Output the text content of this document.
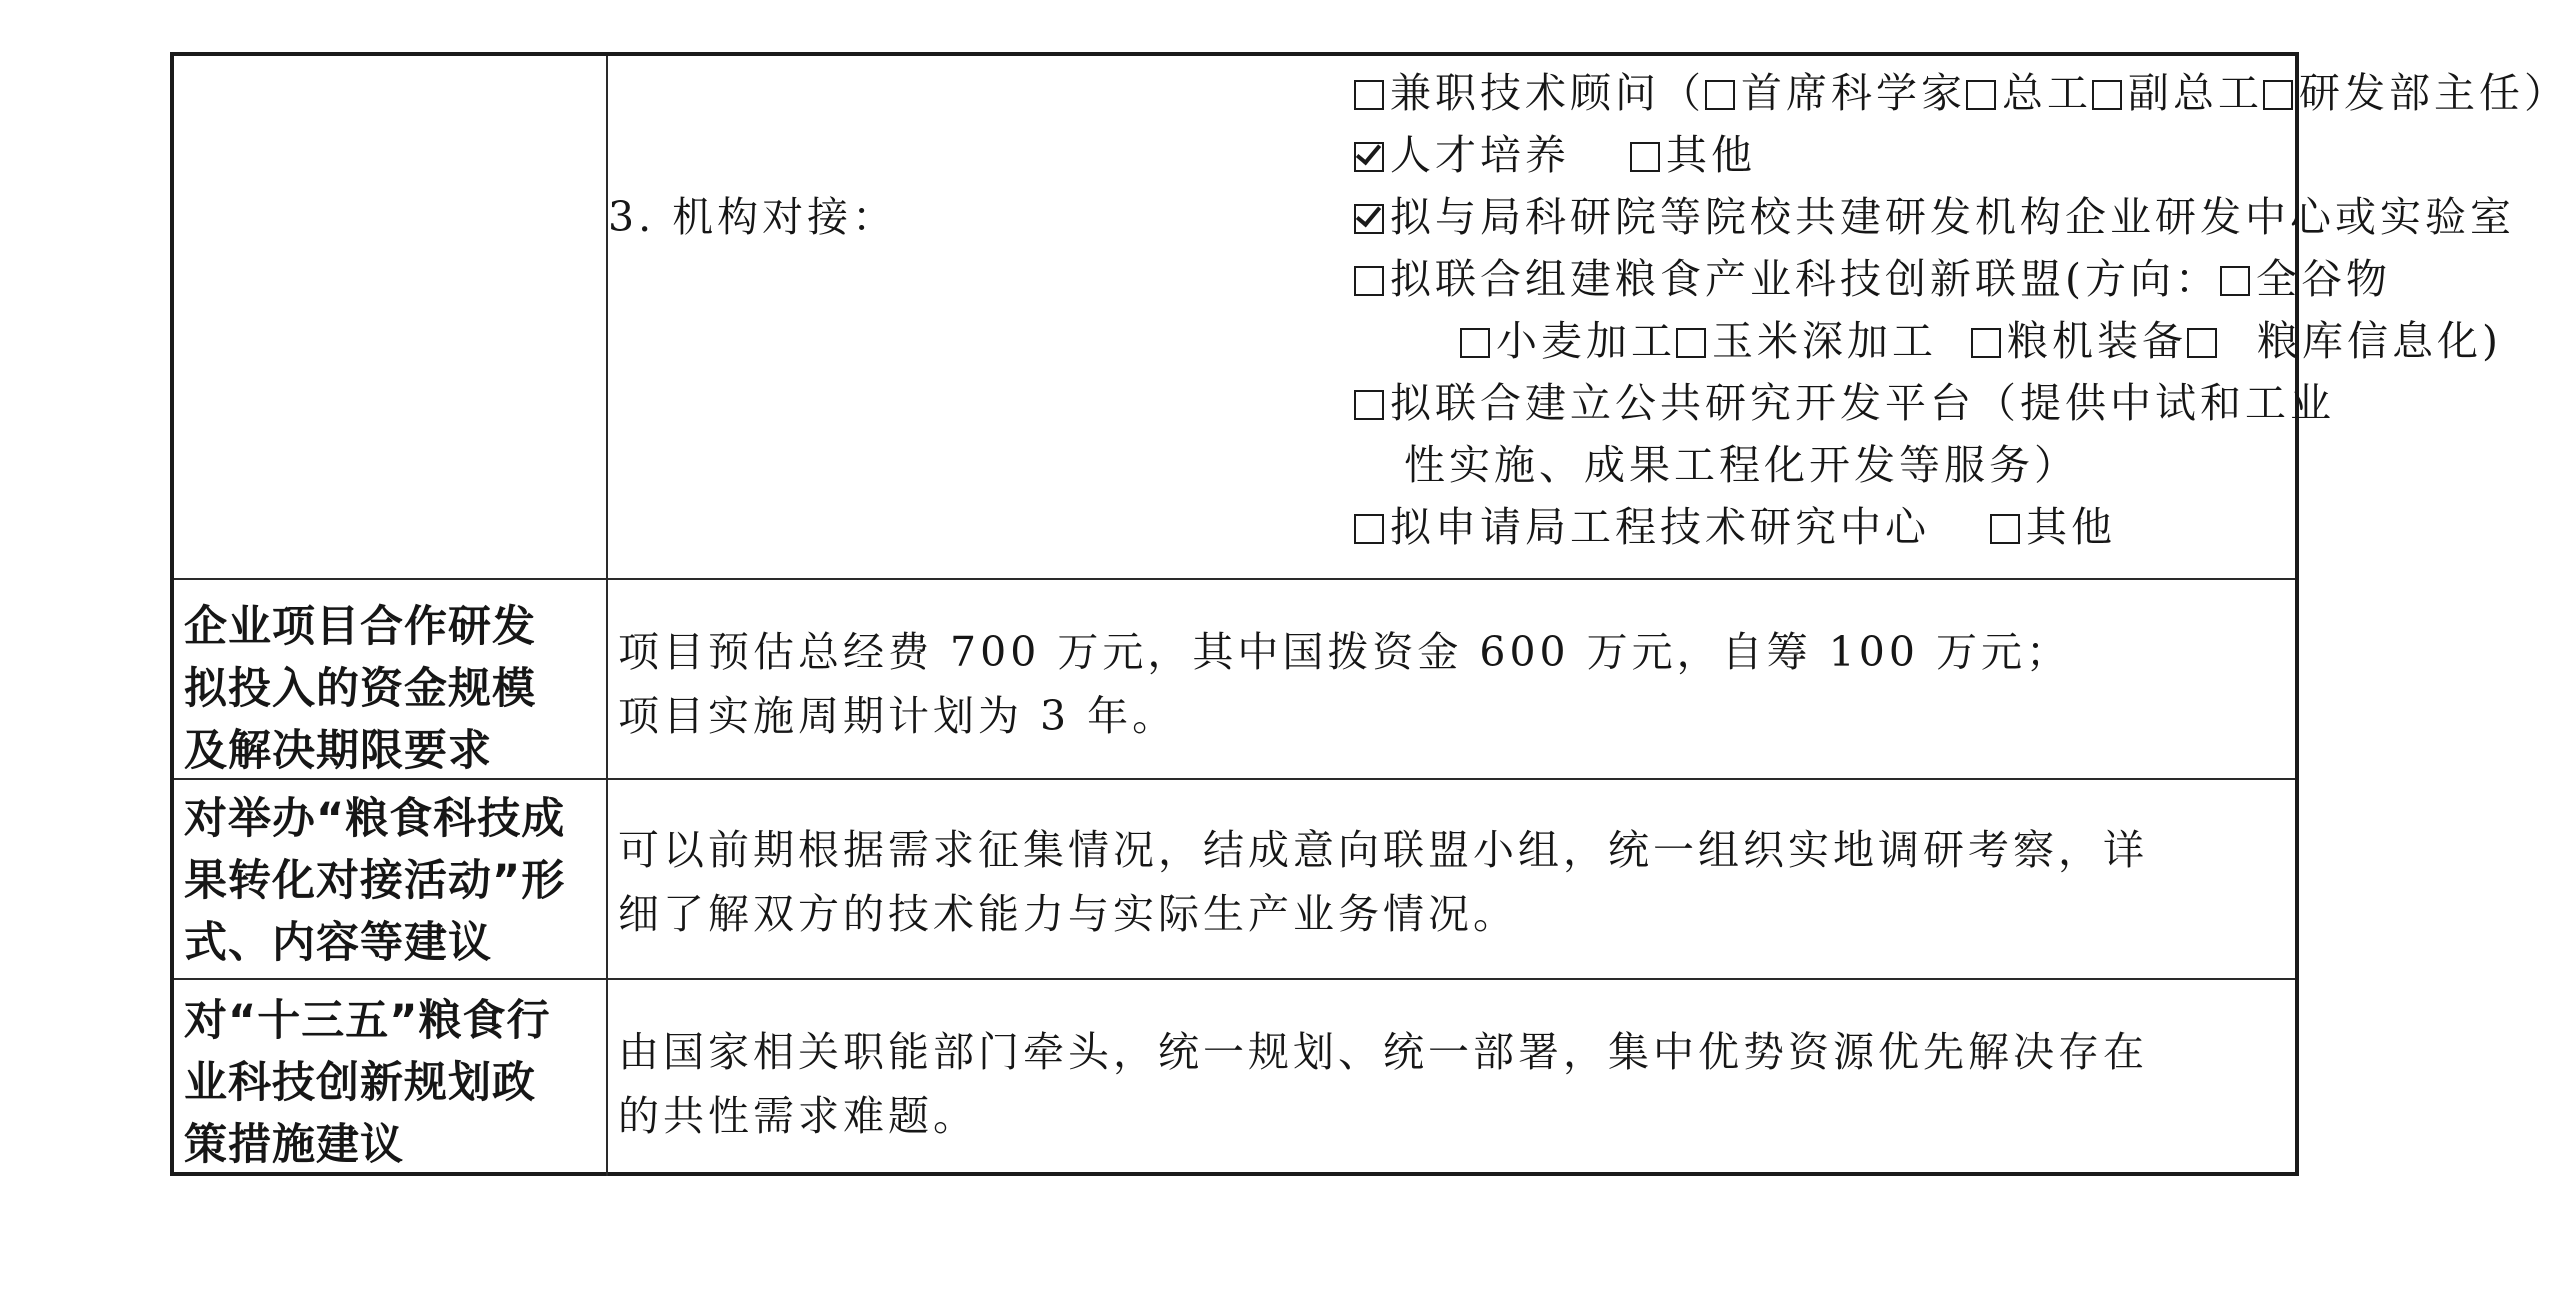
兼职技术顾问（ 首席科学家 总工 副总工 研发部主任）
人才培养 其他
3. 机构对接：	拟与局科研院等院校共建研发机构企业研发中心或实验室
拟联合组建粮食产业科技创新联盟(方向： 全谷物
小麦加工 玉米深加工 粮机装备 粮库信息化)
拟联合建立公共研究开发平台（提供中试和工业
性实施、成果工程化开发等服务）
拟申请局工程技术研究中心 其他
企业项目合作研发
拟投入的资金规模
及解决期限要求
项目预估总经费 700 万元，其中国拨资金 600 万元，自筹 100 万元；
项目实施周期计划为 3 年。
对举办“粮食科技成
果转化对接活动”形
式、内容等建议
可以前期根据需求征集情况，结成意向联盟小组，统一组织实地调研考察，详
细了解双方的技术能力与实际生产业务情况。
对“十三五”粮食行
业科技创新规划政
策措施建议
由国家相关职能部门牵头，统一规划、统一部署，集中优势资源优先解决存在
的共性需求难题。
